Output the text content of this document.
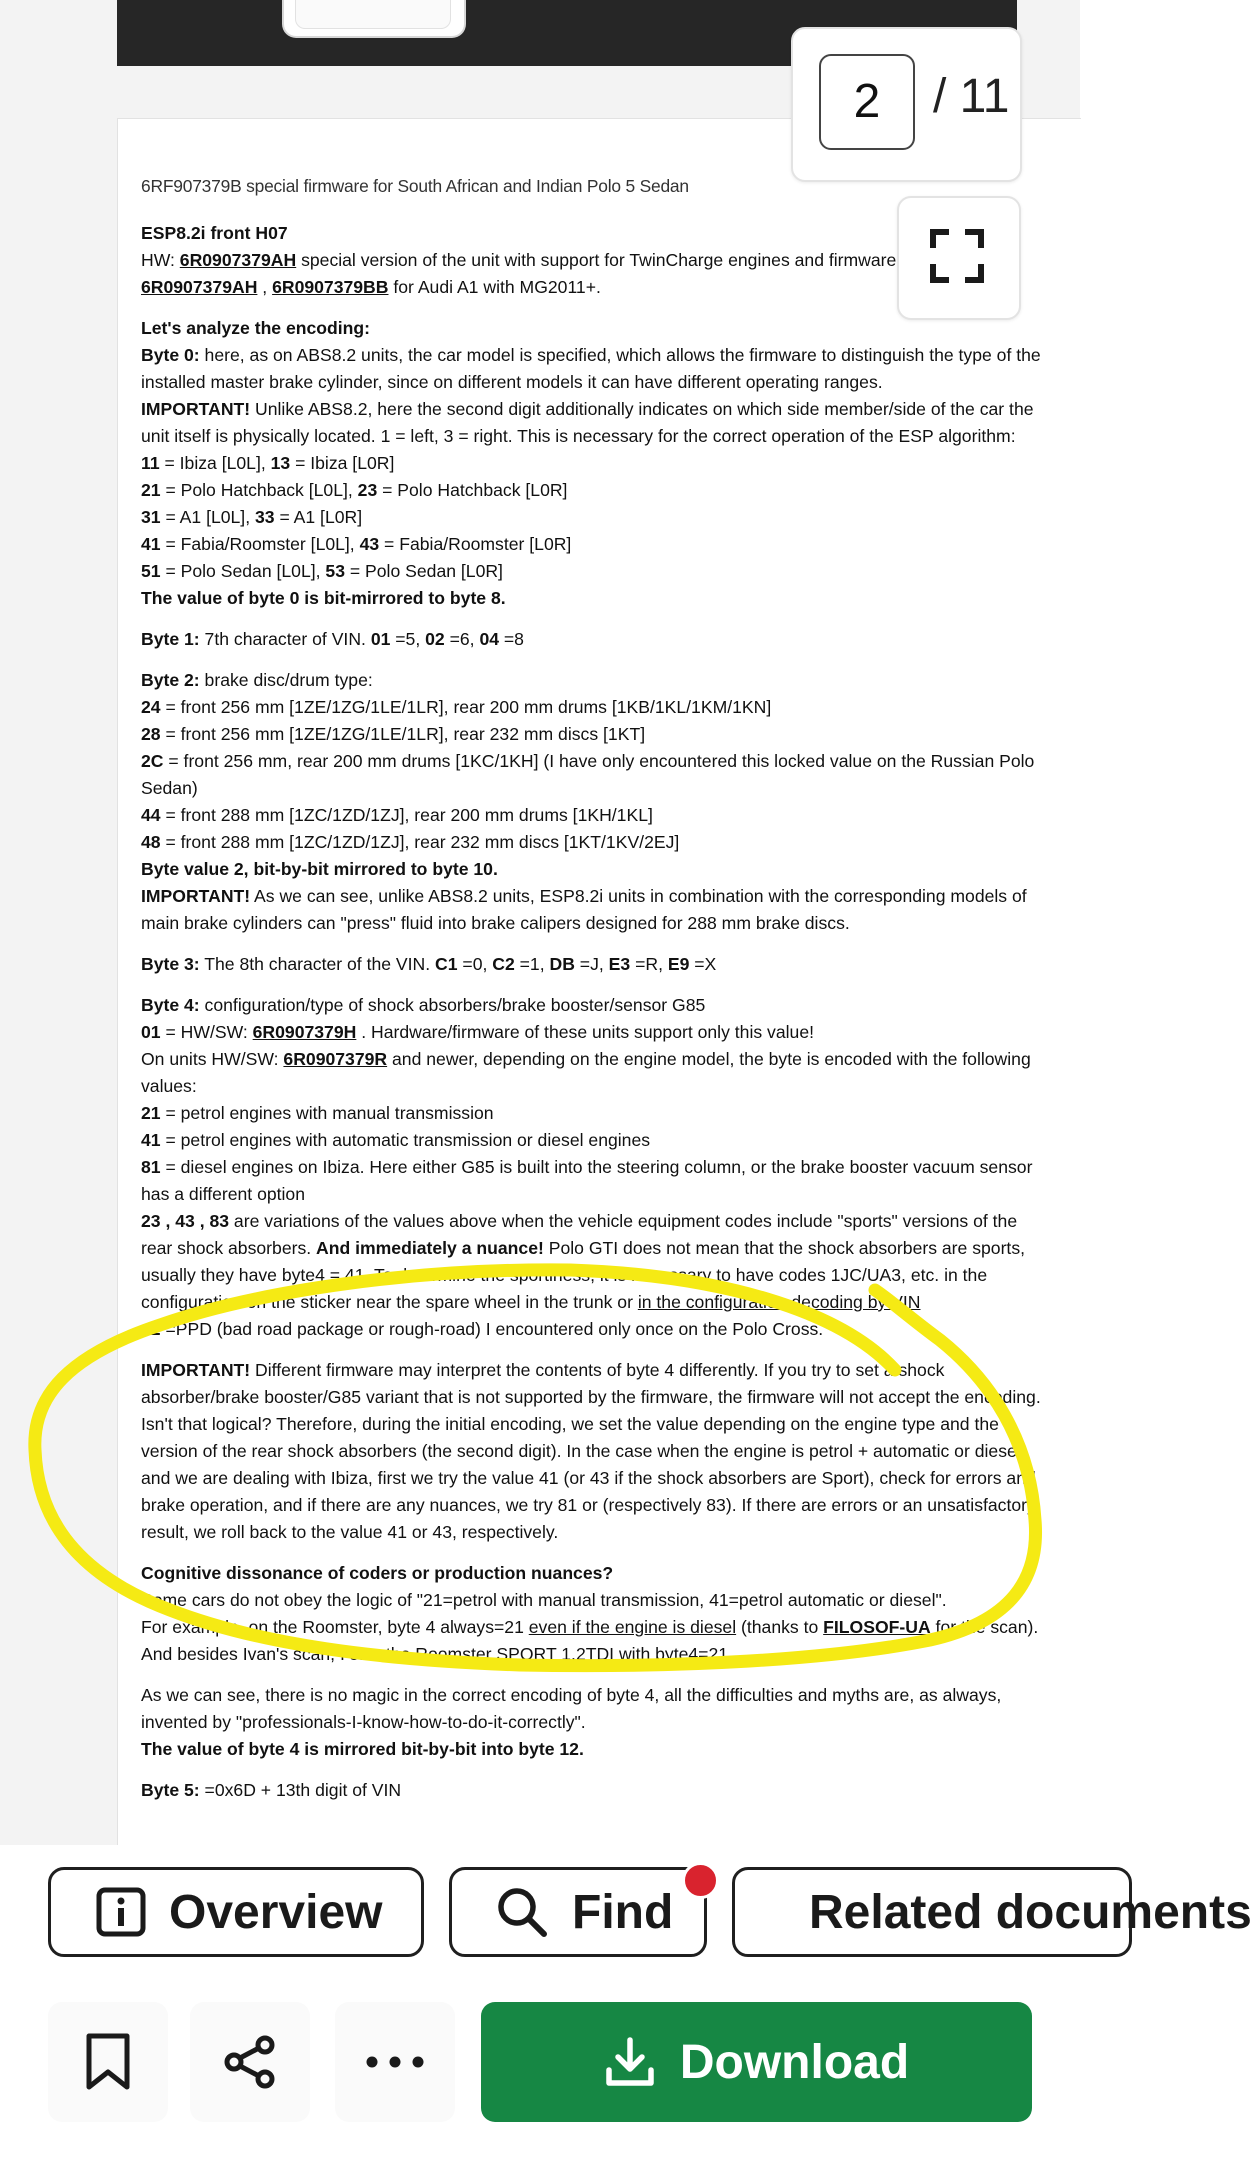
6RF907379B special firmware for South African and Indian Polo 5 Sedan

ESP8.2i front H07
HW: 6R0907379AH special version of the unit with support for TwinCharge engines and firmware
6R0907379AH , 6R0907379BB for Audi A1 with MG2011+.

Let's analyze the encoding:
Byte 0: here, as on ABS8.2 units, the car model is specified, which allows the firmware to distinguish the type of the installed master brake cylinder, since on different models it can have different operating ranges.
IMPORTANT! Unlike ABS8.2, here the second digit additionally indicates on which side member/side of the car the unit itself is physically located. 1 = left, 3 = right. This is necessary for the correct operation of the ESP algorithm:
11 = Ibiza [L0L], 13 = Ibiza [L0R]
21 = Polo Hatchback [L0L], 23 = Polo Hatchback [L0R]
31 = A1 [L0L], 33 = A1 [L0R]
41 = Fabia/Roomster [L0L], 43 = Fabia/Roomster [L0R]
51 = Polo Sedan [L0L], 53 = Polo Sedan [L0R]
The value of byte 0 is bit-mirrored to byte 8.

Byte 1: 7th character of VIN. 01 =5, 02 =6, 04 =8

Byte 2: brake disc/drum type:
24 = front 256 mm [1ZE/1ZG/1LE/1LR], rear 200 mm drums [1KB/1KL/1KM/1KN]
28 = front 256 mm [1ZE/1ZG/1LE/1LR], rear 232 mm discs [1KT]
2C = front 256 mm, rear 200 mm drums [1KC/1KH] (I have only encountered this locked value on the Russian Polo Sedan)
44 = front 288 mm [1ZC/1ZD/1ZJ], rear 200 mm drums [1KH/1KL]
48 = front 288 mm [1ZC/1ZD/1ZJ], rear 232 mm discs [1KT/1KV/2EJ]
Byte value 2, bit-by-bit mirrored to byte 10.
IMPORTANT! As we can see, unlike ABS8.2 units, ESP8.2i units in combination with the corresponding models of main brake cylinders can "press" fluid into brake calipers designed for 288 mm brake discs.

Byte 3: The 8th character of the VIN. C1 =0, C2 =1, DB =J, E3 =R, E9 =X

Byte 4: configuration/type of shock absorbers/brake booster/sensor G85
01 = HW/SW: 6R0907379H . Hardware/firmware of these units support only this value!
On units HW/SW: 6R0907379R and newer, depending on the engine model, the byte is encoded with the following values:
21 = petrol engines with manual transmission
41 = petrol engines with automatic transmission or diesel engines
81 = diesel engines on Ibiza. Here either G85 is built into the steering column, or the brake booster vacuum sensor has a different option
23 , 43 , 83 are variations of the values above when the vehicle equipment codes include "sports" versions of the rear shock absorbers. And immediately a nuance! Polo GTI does not mean that the shock absorbers are sports, usually they have byte4 = 41. To determine the sportiness, it is necessary to have codes 1JC/UA3, etc. in the configuration on the sticker near the spare wheel in the trunk or in the configuration decoding by VIN
42 =PPD (bad road package or rough-road) I encountered only once on the Polo Cross.

IMPORTANT! Different firmware may interpret the contents of byte 4 differently. If you try to set a shock absorber/brake booster/G85 variant that is not supported by the firmware, the firmware will not accept the encoding. Isn't that logical? Therefore, during the initial encoding, we set the value depending on the engine type and the version of the rear shock absorbers (the second digit). In the case when the engine is petrol + automatic or diesel and we are dealing with Ibiza, first we try the value 41 (or 43 if the shock absorbers are Sport), check for errors and brake operation, and if there are any nuances, we try 81 or (respectively 83). If there are errors or an unsatisfactory result, we roll back to the value 41 or 43, respectively.

Cognitive dissonance of coders or production nuances?
Some cars do not obey the logic of "21=petrol with manual transmission, 41=petrol automatic or diesel".
For example, on the Roomster, byte 4 always=21 even if the engine is diesel (thanks to FILOSOF-UA for the scan). And besides Ivan's scan, I saw the Roomster SPORT 1.2TDI with byte4=21.

As we can see, there is no magic in the correct encoding of byte 4, all the difficulties and myths are, as always, invented by "professionals-I-know-how-to-do-it-correctly".
The value of byte 4 is mirrored bit-by-bit into byte 12.

Byte 5: =0x6D + 13th digit of VIN

2
/ 11
Overview	Find	Related documents
Download
